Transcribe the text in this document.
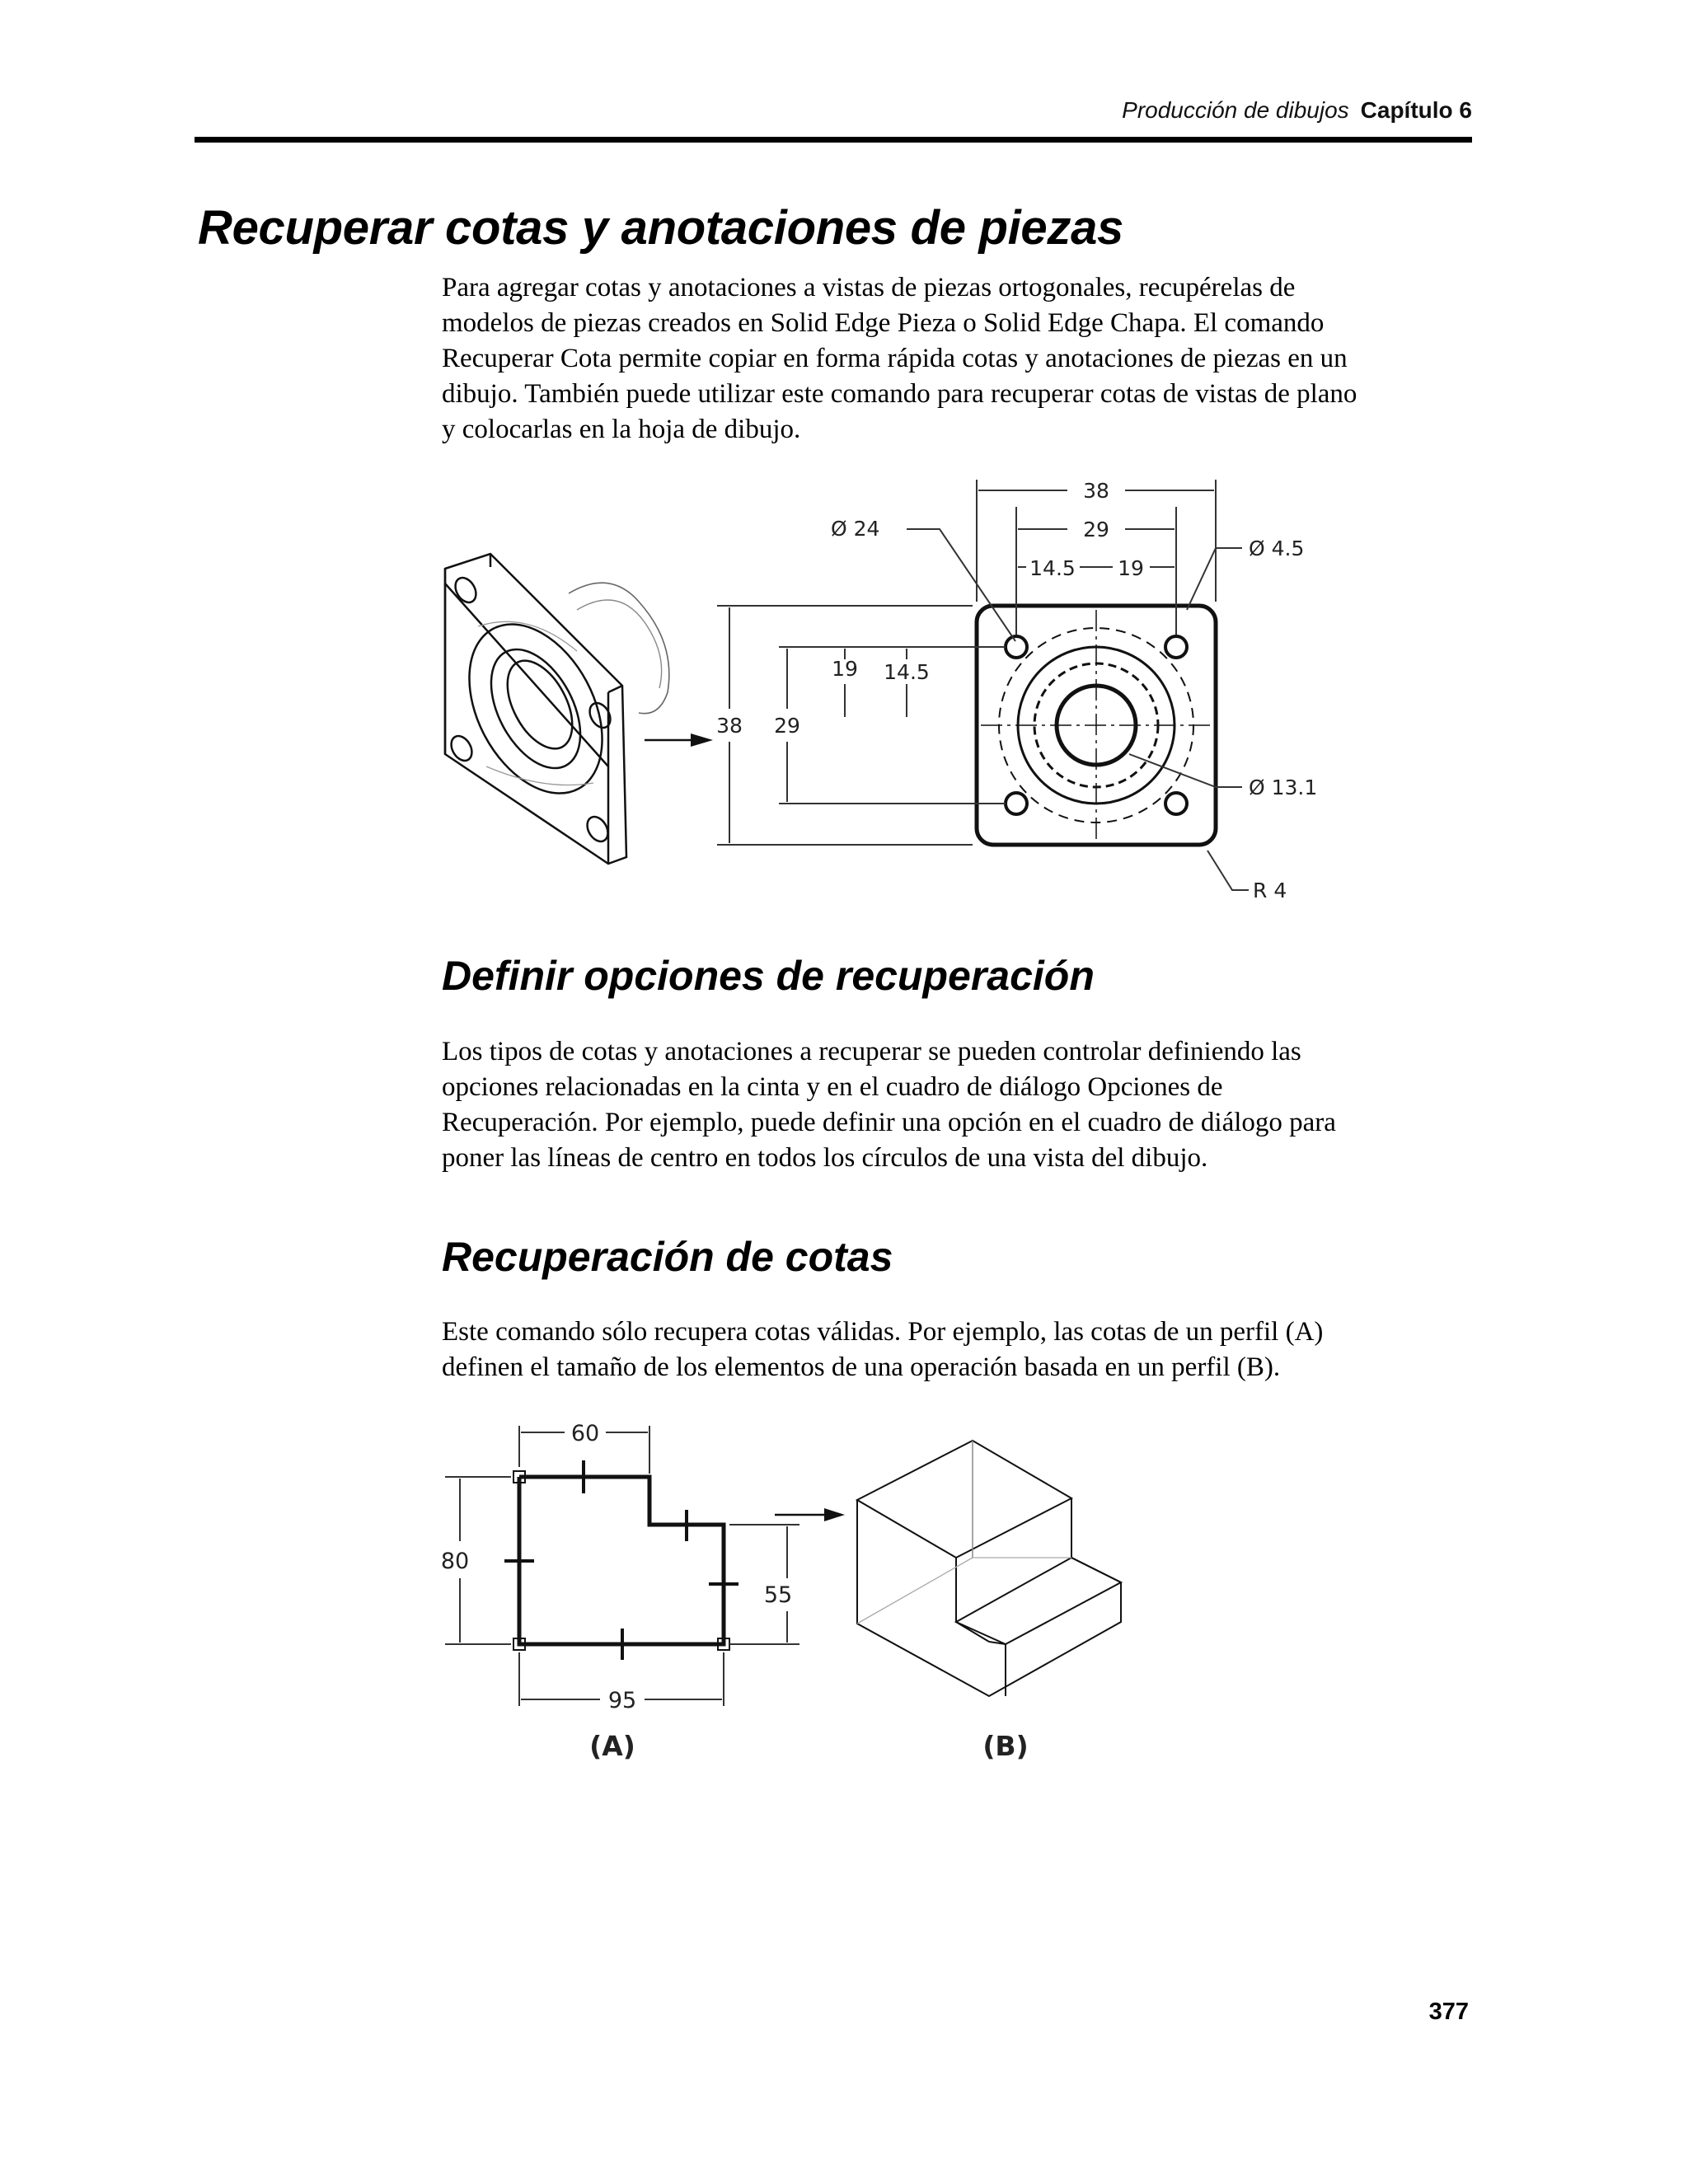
Producción de dibujos Capítulo 6
Recuperar cotas y anotaciones de piezas
Para agregar cotas y anotaciones a vistas de piezas ortogonales, recupérelas de
modelos de piezas creados en Solid Edge Pieza o Solid Edge Chapa. El comando
Recuperar Cota permite copiar en forma rápida cotas y anotaciones de piezas en un
dibujo. También puede utilizar este comando para recuperar cotas de vistas de plano
y colocarlas en la hoja de dibujo.
38
29
14.5 19
Ø 24
Ø 4.5
Ø 13.1
R 4
38 29
19 14.5
Definir opciones de recuperación
Los tipos de cotas y anotaciones a recuperar se pueden controlar definiendo las
opciones relacionadas en la cinta y en el cuadro de diálogo Opciones de
Recuperación. Por ejemplo, puede definir una opción en el cuadro de diálogo para
poner las líneas de centro en todos los círculos de una vista del dibujo.
Recuperación de cotas
Este comando sólo recupera cotas válidas. Por ejemplo, las cotas de un perfil (A)
definen el tamaño de los elementos de una operación basada en un perfil (B).
60
80
55
95
(A)	(B)
377
